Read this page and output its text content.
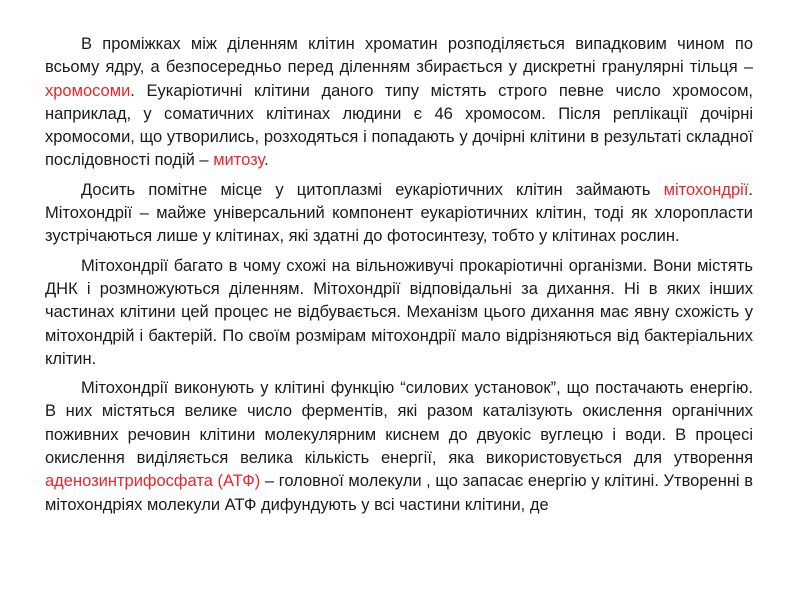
В проміжках між діленням клітин хроматин розподіляється випадковим чином по всьому ядру, а безпосередньо перед діленням збирається у дискретні гранулярні тільця – хромосоми. Еукаріотичні клітини даного типу містять строго певне число хромосом, наприклад, у соматичних клітинах людини є 46 хромосом. Після реплікації дочірні хромосоми, що утворились, розходяться і попадають у дочірні клітини в результаті складної послідовності подій – митозу.

Досить помітне місце у цитоплазмі еукаріотичних клітин займають мітохондрії. Мітохондрії – майже універсальний компонент еукаріотичних клітин, тоді як хлоропласти зустрічаються лише у клітинах, які здатні до фотосинтезу, тобто у клітинах рослин.

Мітохондрії багато в чому схожі на вільноживучі прокаріотичні організми. Вони містять ДНК і розмножуються діленням. Мітохондрії відповідальні за дихання. Ні в яких інших частинах клітини цей процес не відбувається. Механізм цього дихання має явну схожість у мітохондрій і бактерій. По своїм розмірам мітохондрії мало відрізняються від бактеріальних клітин.

Мітохондрії виконують у клітині функцію “силових установок”, що постачають енергію. В них містяться велике число ферментів, які разом каталізують окислення органічних поживних речовин клітини молекулярним киснем до двуокіс вуглецю і води. В процесі окислення виділяється велика кількість енергії, яка використовується для утворення аденозинтрифосфата (АТФ) – головної молекули , що запасає енергію у клітині. Утворенні в мітохондріях молекули АТФ дифундують у всі частини клітини, де
